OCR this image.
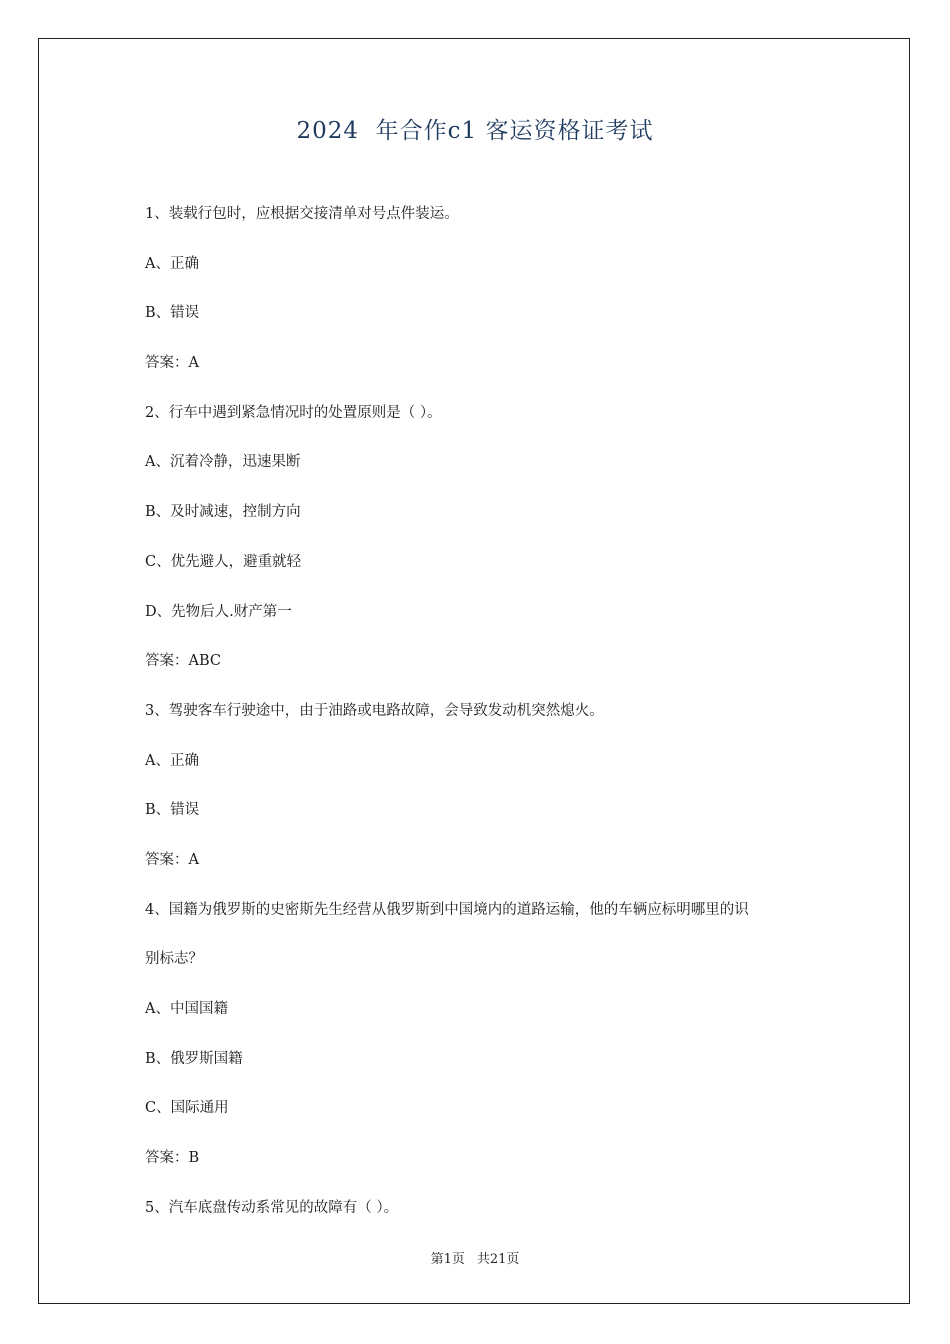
2024  年合作c1 客运资格证考试
1、装载行包时，应根据交接清单对号点件装运。
A、正确
B、错误
答案：A
2、行车中遇到紧急情况时的处置原则是（ ）。
A、沉着冷静，迅速果断
B、及时减速，控制方向
C、优先避人，避重就轻
D、先物后人.财产第一
答案：ABC
3、驾驶客车行驶途中，由于油路或电路故障，会导致发动机突然熄火。
A、正确
B、错误
答案：A
4、国籍为俄罗斯的史密斯先生经营从俄罗斯到中国境内的道路运输，他的车辆应标明哪里的识
别标志？
A、中国国籍
B、俄罗斯国籍
C、国际通用
答案：B
5、汽车底盘传动系常见的故障有（ ）。
第1页 共21页
